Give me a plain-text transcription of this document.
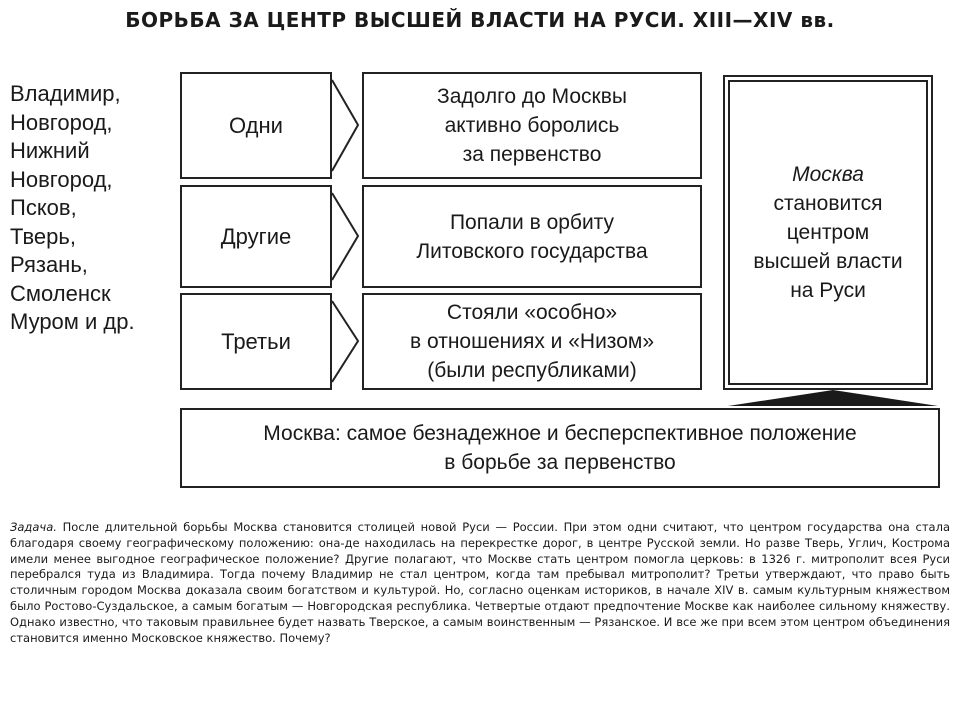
БОРЬБА ЗА ЦЕНТР ВЫСШЕЙ ВЛАСТИ НА РУСИ. XIII—XIV вв.
Владимир,
Новгород,
Нижний
Новгород,
Псков,
Тверь,
Рязань,
Смоленск
Муром и др.
Одни
Задолго до Москвы
активно боролись
за первенство
Другие
Попали в орбиту
Литовского государства
Третьи
Стояли «особно»
в отношениях и «Низом»
(были республиками)
Москва
становится
центром
высшей власти
на Руси
Москва: самое безнадежное и бесперспективное положение
в борьбе за первенство
Задача. После длительной борьбы Москва становится столицей новой Руси — России. При этом одни считают, что центром государства она стала благодаря своему географическому положению: она-де находилась на перекрестке дорог, в центре Русской земли. Но разве Тверь, Углич, Кострома имели менее выгодное географическое положение? Другие полагают, что Москве стать центром помогла церковь: в 1326 г. митрополит всея Руси перебрался туда из Владимира. Тогда почему Владимир не стал центром, когда там пребывал митрополит? Третьи утверждают, что право быть столичным городом Москва доказала своим богатством и культурой. Но, согласно оценкам историков, в начале XIV в. самым культурным княжеством было Ростово-Суздальское, а самым богатым — Новгородская республика. Четвертые отдают предпочтение Москве как наиболее сильному княжеству. Однако известно, что таковым правильнее будет назвать Тверское, а самым воинственным — Рязанское. И все же при всем этом центром объединения становится именно Московское княжество. Почему?
